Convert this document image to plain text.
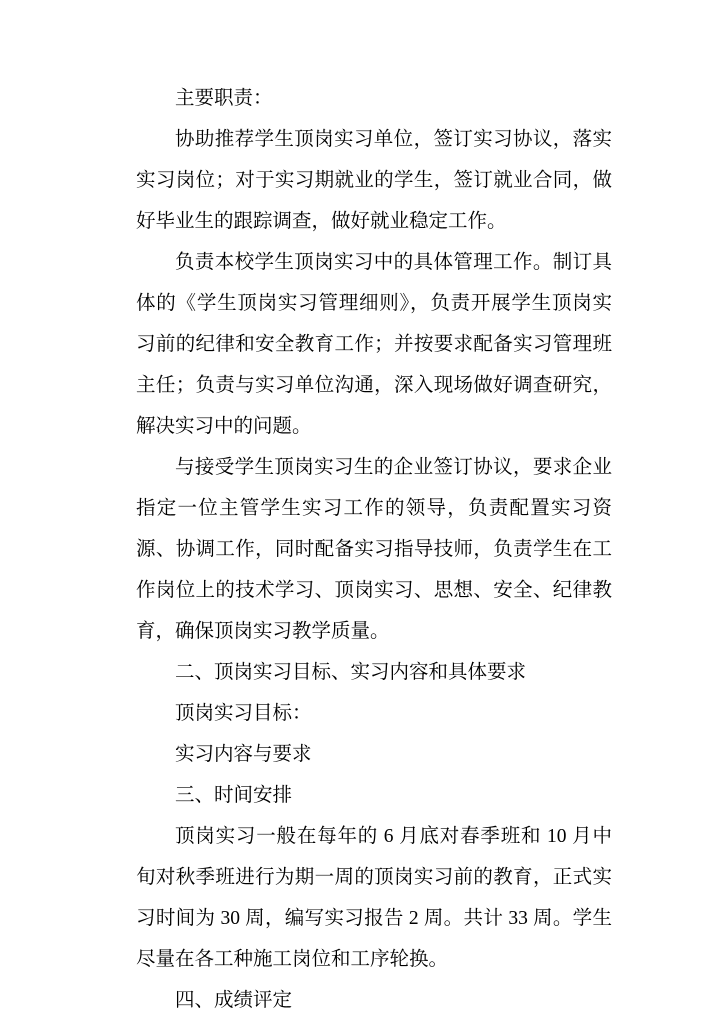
主要职责：

协助推荐学生顶岗实习单位，签订实习协议，落实实习岗位；对于实习期就业的学生，签订就业合同，做好毕业生的跟踪调查，做好就业稳定工作。

负责本校学生顶岗实习中的具体管理工作。制订具体的《学生顶岗实习管理细则》，负责开展学生顶岗实习前的纪律和安全教育工作；并按要求配备实习管理班主任；负责与实习单位沟通，深入现场做好调查研究，解决实习中的问题。

与接受学生顶岗实习生的企业签订协议，要求企业指定一位主管学生实习工作的领导，负责配置实习资源、协调工作，同时配备实习指导技师，负责学生在工作岗位上的技术学习、顶岗实习、思想、安全、纪律教育，确保顶岗实习教学质量。

二、顶岗实习目标、实习内容和具体要求

顶岗实习目标：

实习内容与要求

三、时间安排

顶岗实习一般在每年的 6 月底对春季班和 10 月中旬对秋季班进行为期一周的顶岗实习前的教育，正式实习时间为 30 周，编写实习报告 2 周。共计 33 周。学生尽量在各工种施工岗位和工序轮换。

四、成绩评定
